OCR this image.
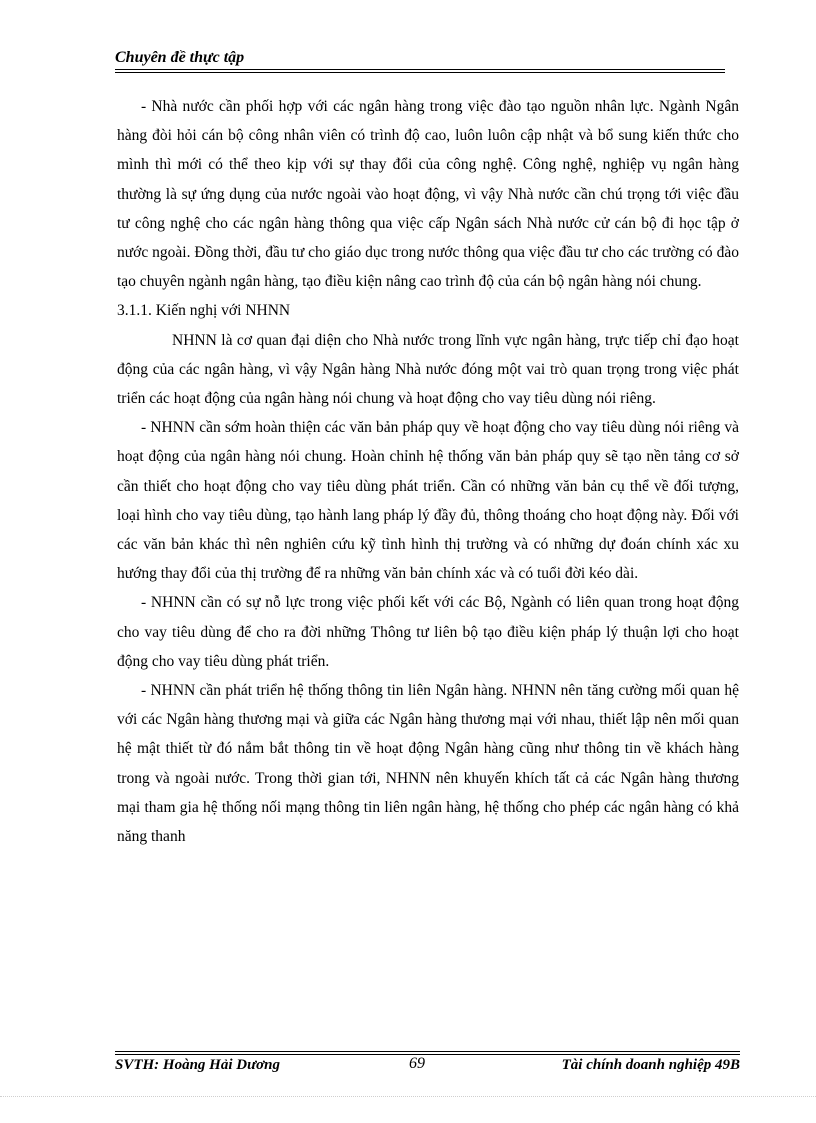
Chuyên đề thực tập

- Nhà nước cần phối hợp với các ngân hàng trong việc đào tạo nguồn nhân lực. Ngành Ngân hàng đòi hỏi cán bộ công nhân viên có trình độ cao, luôn luôn cập nhật và bổ sung kiến thức cho mình thì mới có thể theo kịp với sự thay đổi của công nghệ. Công nghệ, nghiệp vụ ngân hàng thường là sự ứng dụng của nước ngoài vào hoạt động, vì vậy Nhà nước cần chú trọng tới việc đầu tư công nghệ cho các ngân hàng thông qua việc cấp Ngân sách Nhà nước cử cán bộ đi học tập ở nước ngoài. Đồng thời, đầu tư cho giáo dục trong nước thông qua việc đầu tư cho các trường có đào tạo chuyên ngành ngân hàng, tạo điều kiện nâng cao trình độ của cán bộ ngân hàng nói chung.

3.1.1. Kiến nghị với NHNN

NHNN là cơ quan đại diện cho Nhà nước trong lĩnh vực ngân hàng, trực tiếp chỉ đạo hoạt động của các ngân hàng, vì vậy Ngân hàng Nhà nước đóng một vai trò quan trọng trong việc phát triển các hoạt động của ngân hàng nói chung và hoạt động cho vay tiêu dùng nói riêng.

- NHNN cần sớm hoàn thiện các văn bản pháp quy về hoạt động cho vay tiêu dùng nói riêng và hoạt động của ngân hàng nói chung. Hoàn chỉnh hệ thống văn bản pháp quy sẽ tạo nền tảng cơ sở cần thiết cho hoạt động cho vay tiêu dùng phát triển. Cần có những văn bản cụ thể về đối tượng, loại hình cho vay tiêu dùng, tạo hành lang pháp lý đầy đủ, thông thoáng cho hoạt động này. Đối với các văn bản khác thì nên nghiên cứu kỹ tình hình thị trường và có những dự đoán chính xác xu hướng thay đổi của thị trường để ra những văn bản chính xác và có tuổi đời kéo dài.

- NHNN cần có sự nỗ lực trong việc phối kết với các Bộ, Ngành có liên quan trong hoạt động cho vay tiêu dùng để cho ra đời những Thông tư liên bộ tạo điều kiện pháp lý thuận lợi cho hoạt động cho vay tiêu dùng phát triển.

- NHNN cần phát triển hệ thống thông tin liên Ngân hàng. NHNN nên tăng cường mối quan hệ với các Ngân hàng thương mại và giữa các Ngân hàng thương mại với nhau, thiết lập nên mối quan hệ mật thiết từ đó nắm bắt thông tin về hoạt động Ngân hàng cũng như thông tin về khách hàng trong và ngoài nước. Trong thời gian tới, NHNN nên khuyến khích tất cả các Ngân hàng thương mại tham gia hệ thống nối mạng thông tin liên ngân hàng, hệ thống cho phép các ngân hàng có khả năng thanh

SVTH: Hoàng Hải Dương	69	Tài chính doanh nghiệp 49B
